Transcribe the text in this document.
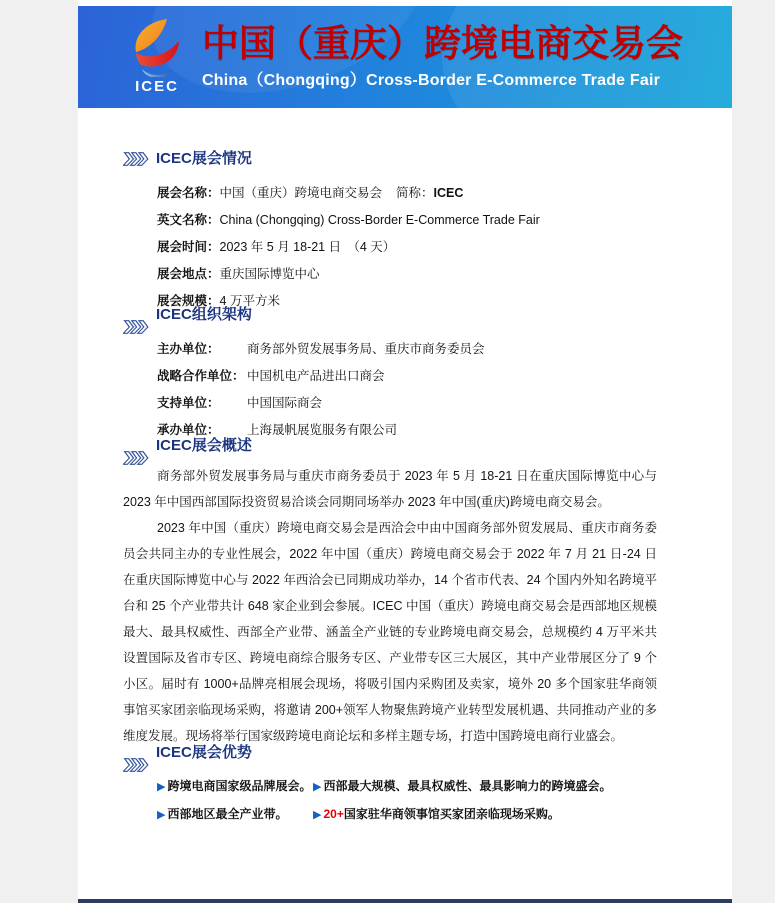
ICEC
中国（重庆）跨境电商交易会
China（Chongqing）Cross-Border E-Commerce Trade Fair
ICEC展会情况
展会名称：中国（重庆）跨境电商交易会 简称：ICEC
英文名称：China (Chongqing) Cross-Border E-Commerce Trade Fair
展会时间：2023 年 5 月 18-21 日　（4 天）
展会地点：重庆国际博览中心
展会规模：4 万平方米
ICEC组织架构
主办单位：	商务部外贸发展事务局、重庆市商务委员会
战略合作单位： 中国机电产品进出口商会
支持单位：	中国国际商会
承办单位：	上海晟帆展览服务有限公司
ICEC展会概述

商务部外贸发展事务局与重庆市商务委员于 2023 年 5 月 18-21 日在重庆国际博览中心与 2023 年中国西部国际投资贸易洽谈会同期同场举办 2023 年中国(重庆)跨境电商交易会。

2023 年中国（重庆）跨境电商交易会是西洽会中由中国商务部外贸发展局、重庆市商务委员会共同主办的专业性展会，2022 年中国（重庆）跨境电商交易会于 2022 年 7 月 21 日-24 日在重庆国际博览中心与 2022 年西洽会已同期成功举办，14 个省市代表、24 个国内外知名跨境平台和 25 个产业带共计 648 家企业到会参展。ICEC 中国（重庆）跨境电商交易会是西部地区规模最大、最具权威性、西部全产业带、涵盖全产业链的专业跨境电商交易会，总规模约 4 万平米共设置国际及省市专区、跨境电商综合服务专区、产业带专区三大展区，其中产业带展区分了 9 个小区。届时有 1000+品牌亮相展会现场，将吸引国内采购团及卖家，境外 20 多个国家驻华商领事馆买家团亲临现场采购，将邀请 200+领军人物聚焦跨境产业转型发展机遇、共同推动产业的多维度发展。现场将举行国家级跨境电商论坛和多样主题专场，打造中国跨境电商行业盛会。

ICEC展会优势
▶ 跨境电商国家级品牌展会。 ▶ 西部最大规模、最具权威性、最具影响力的跨境盛会。
▶ 西部地区最全产业带。	▶ 20+国家驻华商领事馆买家团亲临现场采购。
